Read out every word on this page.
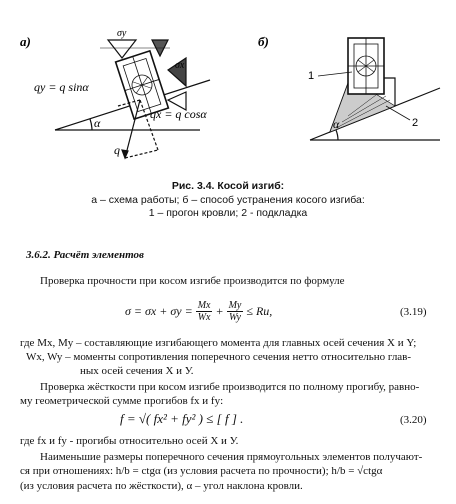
а)	б)
σy
σx
qy = q sinα
qx = q cosα
q
α
1
2
α
Рис. 3.4. Косой изгиб:
а – схема работы; б – способ устранения косого изгиба:
1 – прогон кровли; 2 - подкладка
3.6.2. Расчёт элементов
Проверка прочности при косом изгибе производится по формуле
$\sigma = \sigma x + \sigma y = \frac{Mx}{Wx} + \frac{My}{Wy}$ ≤ Rи,	(3.19)
где Mx, My – составляющие изгибающего момента для главных осей сечения X и Y;
Wx, Wy – моменты сопротивления поперечного сечения нетто относительно глав-
ных осей сечения X и У.
Проверка жёсткости при косом изгибе производится по полному прогибу, равно-
му геометрической сумме прогибов fx и fy:
f = √( fx² + fy² ) ≤ [ f ] .	(3.20)
где fx и fy - прогибы относительно осей X и У.
Наименьшие размеры поперечного сечения прямоугольных элементов получают-
ся при отношениях: h/b = ctgα (из условия расчета по прочности); h/b = √ctgα
(из условия расчета по жёсткости), α – угол наклона кровли.
